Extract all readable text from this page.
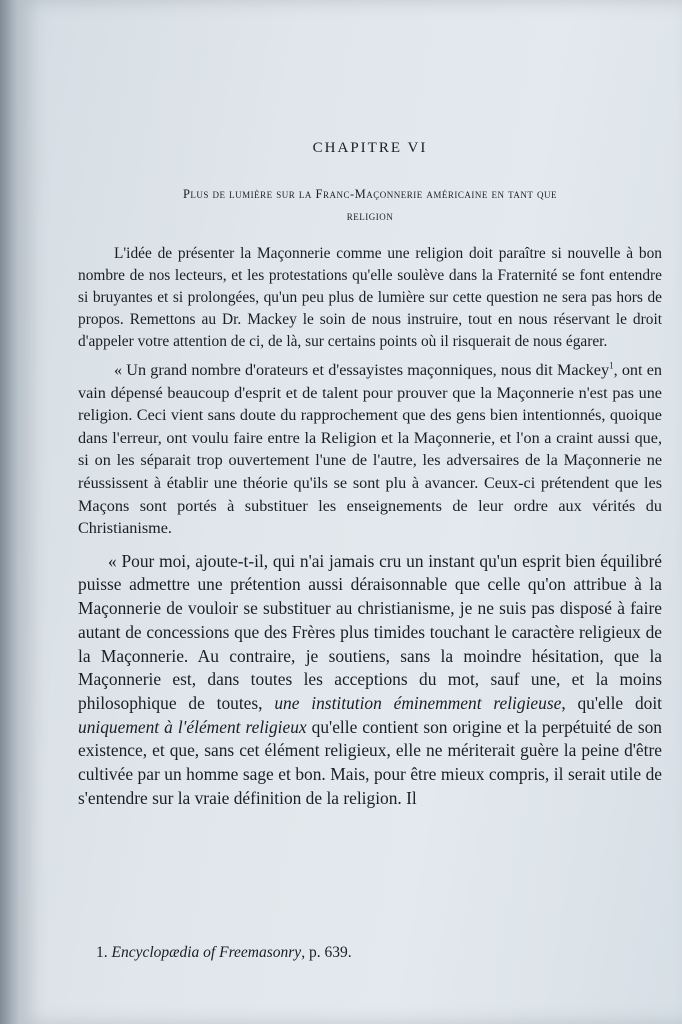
CHAPITRE VI
Plus de lumière sur la Franc-Maçonnerie américaine en tant que
religion

L'idée de présenter la Maçonnerie comme une religion doit paraître si nouvelle à bon nombre de nos lecteurs, et les protestations qu'elle soulève dans la Fraternité se font entendre si bruyantes et si prolongées, qu'un peu plus de lumière sur cette question ne sera pas hors de propos. Remettons au Dr. Mackey le soin de nous instruire, tout en nous réservant le droit d'appeler votre attention de ci, de là, sur certains points où il risquerait de nous égarer.

« Un grand nombre d'orateurs et d'essayistes maçonniques, nous dit Mackey$^1$, ont en vain dépensé beaucoup d'esprit et de talent pour prouver que la Maçonnerie n'est pas une religion. Ceci vient sans doute du rapprochement que des gens bien intentionnés, quoique dans l'erreur, ont voulu faire entre la Religion et la Maçonnerie, et l'on a craint aussi que, si on les séparait trop ouvertement l'une de l'autre, les adversaires de la Maçonnerie ne réussissent à établir une théorie qu'ils se sont plu à avancer. Ceux-ci prétendent que les Maçons sont portés à substituer les enseignements de leur ordre aux vérités du Christianisme.

« Pour moi, ajoute-t-il, qui n'ai jamais cru un instant qu'un esprit bien équilibré puisse admettre une prétention aussi déraisonnable que celle qu'on attribue à la Maçonnerie de vouloir se substituer au christianisme, je ne suis pas disposé à faire autant de concessions que des Frères plus timides touchant le caractère religieux de la Maçonnerie. Au contraire, je soutiens, sans la moindre hésitation, que la Maçonnerie est, dans toutes les acceptions du mot, sauf une, et la moins philosophique de toutes, une institution éminemment religieuse, qu'elle doit uniquement à l'élément religieux qu'elle contient son origine et la perpétuité de son existence, et que, sans cet élément religieux, elle ne mériterait guère la peine d'être cultivée par un homme sage et bon. Mais, pour être mieux compris, il serait utile de s'entendre sur la vraie définition de la religion. Il

1. Encyclopædia of Freemasonry, p. 639.
